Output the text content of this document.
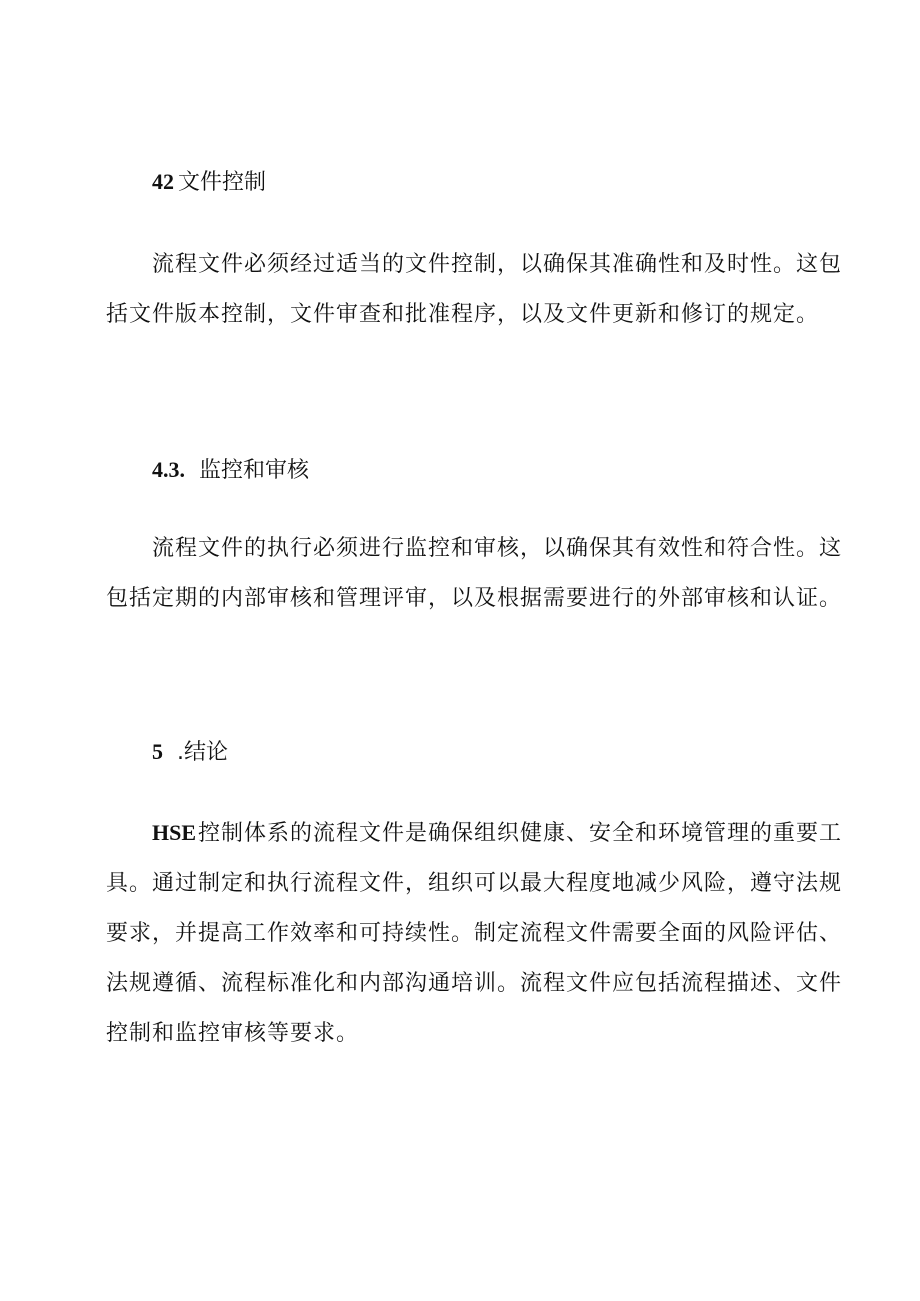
42 文件控制

流程文件必须经过适当的文件控制，以确保其准确性和及时性。这包括文件版本控制，文件审查和批准程序，以及文件更新和修订的规定。

4.3. 监控和审核

流程文件的执行必须进行监控和审核，以确保其有效性和符合性。这包括定期的内部审核和管理评审，以及根据需要进行的外部审核和认证。

5 .结论

HSE控制体系的流程文件是确保组织健康、安全和环境管理的重要工具。通过制定和执行流程文件，组织可以最大程度地减少风险，遵守法规要求，并提高工作效率和可持续性。制定流程文件需要全面的风险评估、法规遵循、流程标准化和内部沟通培训。流程文件应包括流程描述、文件控制和监控审核等要求。
